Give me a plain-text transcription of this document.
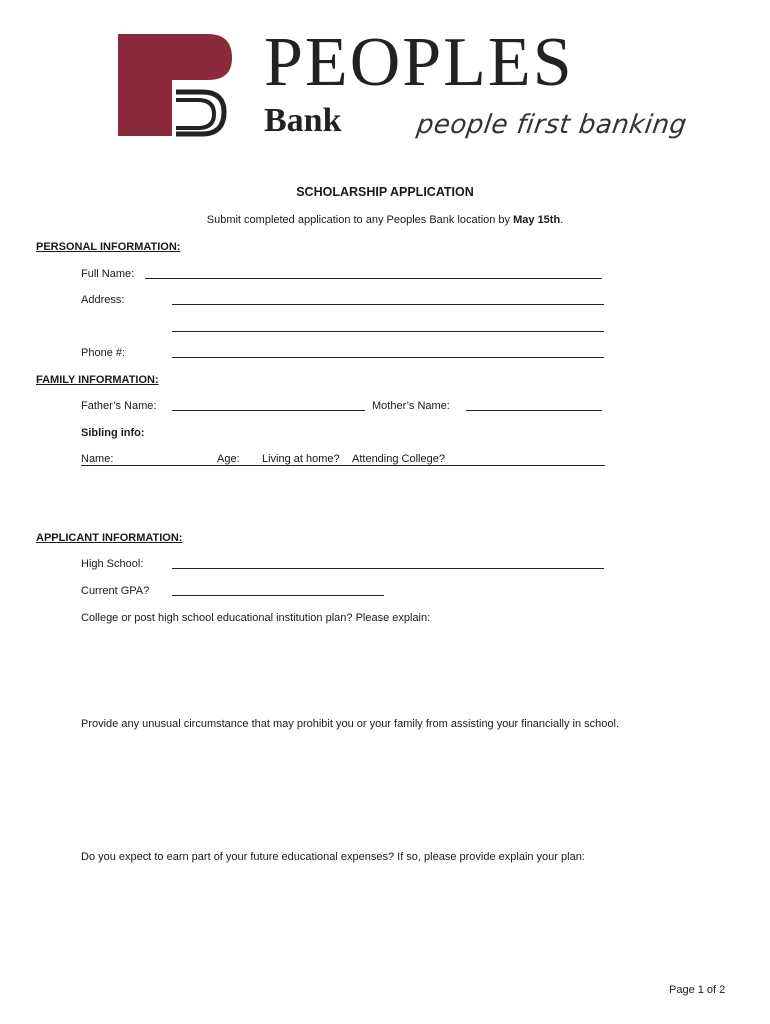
PEOPLES
Bank	people first banking
SCHOLARSHIP APPLICATION
Submit completed application to any Peoples Bank location by May 15th.
PERSONAL INFORMATION:
Full Name:
Address:
Phone #:
FAMILY INFORMATION:
Father’s Name:	Mother’s Name:
Sibling info:
Name:	Age: Living at home? Attending College?
APPLICANT INFORMATION:
High School:
Current GPA?
College or post high school educational institution plan? Please explain:
Provide any unusual circumstance that may prohibit you or your family from assisting your financially in school.
Do you expect to earn part of your future educational expenses? If so, please provide explain your plan:
Page 1 of 2
